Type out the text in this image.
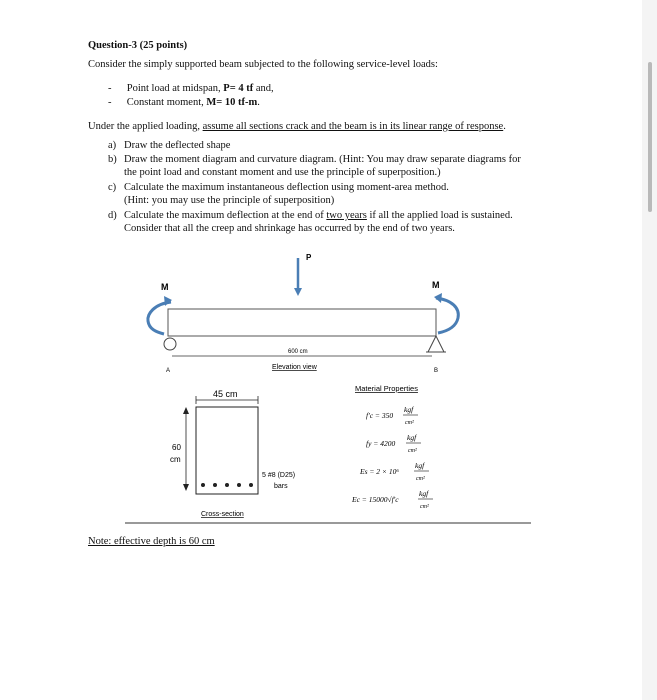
Question-3 (25 points)
Consider the simply supported beam subjected to the following service-level loads:
- Point load at midspan, P= 4 tf and,
- Constant moment, M= 10 tf-m.
Under the applied loading, assume all sections crack and the beam is in its linear range of response.
a) Draw the deflected shape
b) Draw the moment diagram and curvature diagram. (Hint: You may draw separate diagrams for
the point load and constant moment and use the principle of superposition.)
c) Calculate the maximum instantaneous deflection using moment-area method.
(Hint: you may use the principle of superposition)
d) Calculate the maximum deflection at the end of two years if all the applied load is sustained.
Consider that all the creep and shrinkage has occurred by the end of two years.
P
M	M
600 cm
Elevation view
A	B
45 cm
60
cm
5 #8 (D25)
bars
Cross-section
Material Properties
f′c = 350
kgf
cm²
fy = 4200
kgf
cm²
Es = 2 × 10⁶
kgf
cm²
Ec = 15000√f′c
kgf
cm²
Note: effective depth is 60 cm
